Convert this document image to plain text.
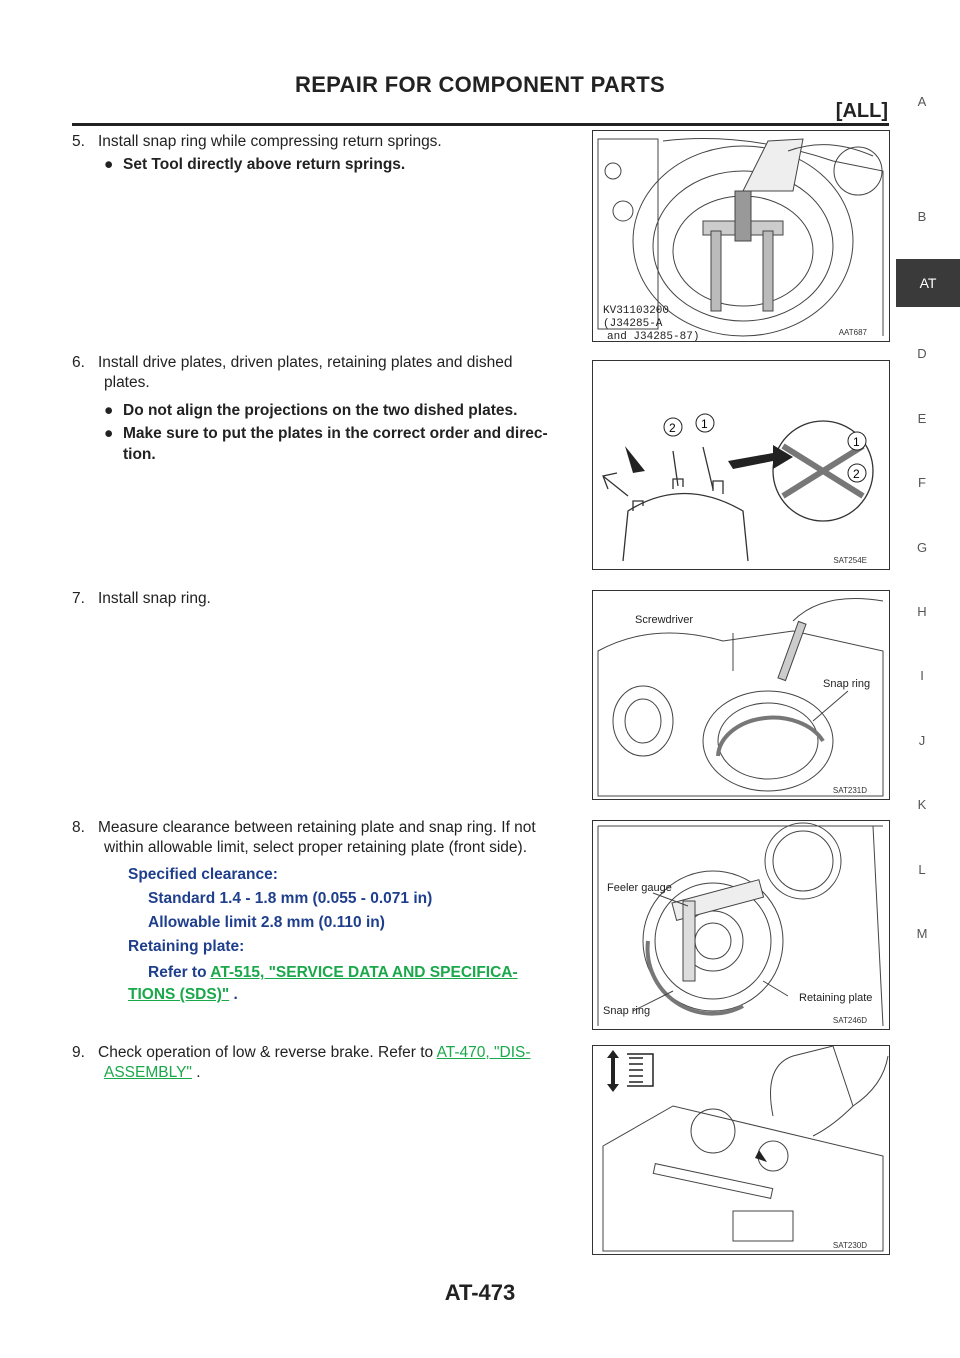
REPAIR FOR COMPONENT PARTS
[ALL]	A
B
AT
D
E
F
G
H
I
J
K
L
M
5. Install snap ring while compressing return springs.
● Set Tool directly above return springs.
6. Install drive plates, driven plates, retaining plates and dished
plates.
● Do not align the projections on the two dished plates.
● Make sure to put the plates in the correct order and direc-
tion.
7. Install snap ring.
8. Measure clearance between retaining plate and snap ring. If not
within allowable limit, select proper retaining plate (front side).
Specified clearance:
Standard 1.4 - 1.8 mm (0.055 - 0.071 in)
Allowable limit 2.8 mm (0.110 in)
Retaining plate:
Refer to AT-515, "SERVICE DATA AND SPECIFICA-
TIONS (SDS)" .
9. Check operation of low & reverse brake. Refer to AT-470, "DIS-
ASSEMBLY" .
KV31103200
(J34285-A
and J34285-87)	AAT687
2 1
1
2
SAT254E
Screwdriver
Snap ring
SAT231D
Feeler gauge
Snap ring
Retaining plate
SAT246D
SAT230D
AT-473
